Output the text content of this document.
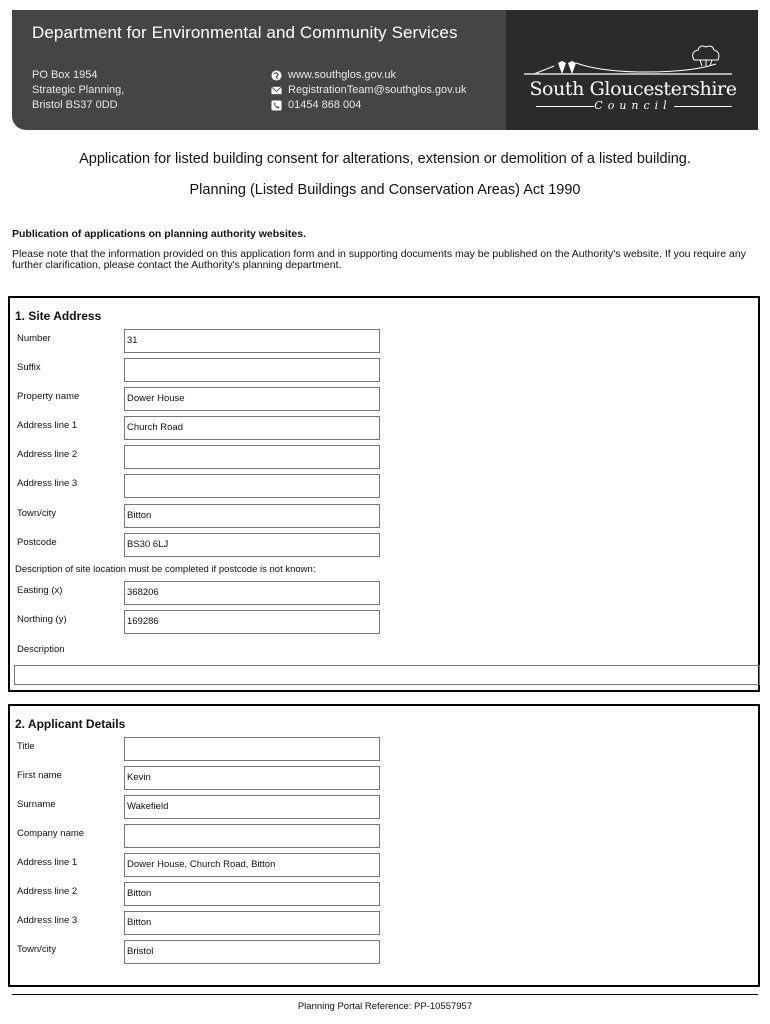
Department for Environmental and Community Services
PO Box 1954
Strategic Planning,
Bristol BS37 0DD
www.southglos.gov.uk
RegistrationTeam@southglos.gov.uk
01454 868 004
South Gloucestershire
Council
Application for listed building consent for alterations, extension or demolition of a listed building.
Planning (Listed Buildings and Conservation Areas) Act 1990
Publication of applications on planning authority websites.
Please note that the information provided on this application form and in supporting documents may be published on the Authority's website. If you require any further clarification, please contact the Authority's planning department.
1. Site Address
Number	31
Suffix
Property name	Dower House
Address line 1	Church Road
Address line 2
Address line 3
Town/city	Bitton
Postcode	BS30 6LJ
Description of site location must be completed if postcode is not known:
Easting (x)	368206
Northing (y)	169286
Description
2. Applicant Details
Title
First name	Kevin
Surname	Wakefield
Company name
Address line 1	Dower House, Church Road, Bitton
Address line 2	Bitton
Address line 3	Bitton
Town/city	Bristol
Planning Portal Reference: PP-10557957
